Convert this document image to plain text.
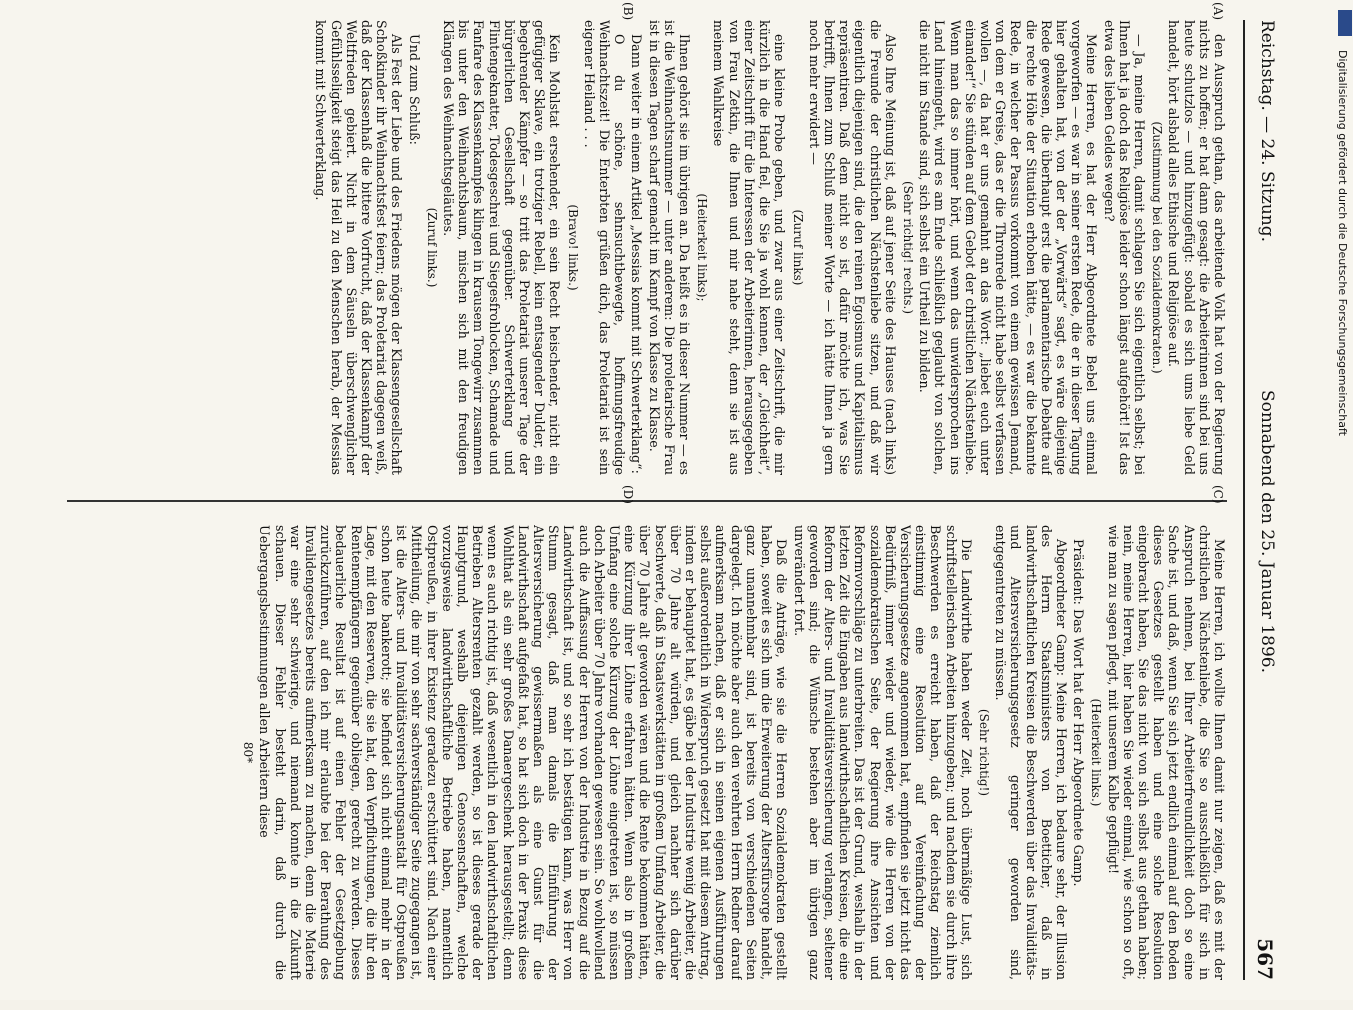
Reichstag. — 24. Sitzung.
Sonnabend den 25. Januar 1896.
567

den Ausspruch gethan, das arbeitende Volk hat von der Regierung nichts zu hoffen; er hat dann gesagt: die Arbeiterinnen sind bei uns heute schutzlos — und hinzugefügt: sobald es sich ums liebe Geld handelt, hört alsbald alles Ethische und Religiöse auf.

(Zustimmung bei den Sozialdemokraten.)

— Ja, meine Herren, damit schlagen Sie sich eigentlich selbst; bei Ihnen hat ja doch das Religiöse leider schon längst aufgehört! Ist das etwa des lieben Geldes wegen?

Meine Herren, es hat der Herr Abgeordnete Bebel uns einmal vorgeworfen — es war in seiner ersten Rede, die er in dieser Tagung hier gehalten hat, von der der „Vorwärts“ sagt, es wäre diejenige Rede gewesen, die überhaupt erst die parlamentarische Debatte auf die rechte Höhe der Situation erhoben hätte, — es war die bekannte Rede, in welcher der Passus vorkommt von einem gewissen Jemand, von dem er Greise, das er die Thronrede nicht habe selbst verfassen wollen —, da hat er uns gemahnt an das Wort: „liebet euch unter einander!“ Sie stünden auf dem Gebot der christlichen Nächstenliebe. Wenn man das so immer hört, und wenn das unwidersprochen ins Land hineingeht, wird es am Ende schließlich geglaubt von solchen, die nicht im Stande sind, sich selbst ein Urtheil zu bilden.

(Sehr richtig! rechts.)

Also Ihre Meinung ist, daß auf jener Seite des Hauses (nach links) die Freunde der christlichen Nächstenliebe sitzen, und daß wir eigentlich diejenigen sind, die den reinen Egoismus und Kapitalismus repräsentiren. Daß dem nicht so ist, dafür möchte ich, was Sie betrifft, Ihnen zum Schluß meiner Worte — ich hätte Ihnen ja gern noch mehr erwidert —

(Zuruf links)

eine kleine Probe geben, und zwar aus einer Zeitschrift, die mir kürzlich in die Hand fiel, die Sie ja wohl kennen, der „Gleichheit“, einer Zeitschrift für die Interessen der Arbeiterinnen, herausgegeben von Frau Zetkin, die Ihnen und mir nahe steht, denn sie ist aus meinem Wahlkreise

(Heiterkeit links);

Ihnen gehört sie im übrigen an. Da heißt es in dieser Nummer — es ist die Weihnachtsnummer — unter anderem: Die proletarische Frau ist in diesen Tagen scharf gemacht im Kampf von Klasse zu Klasse.

Dann weiter in einem Artikel „Messias kommt mit Schwerterklang“:

O du schöne, sehnsuchtbewegte, hoffnungsfreudige Weihnachtszeit! Die Enterbten grüßen dich, das Proletariat ist sein eigener Heiland . . .

(Bravo! links.)

Kein Mohlstat ersehender, ein sein Recht heischender, nicht ein gefügiger Sklave, ein trotziger Rebell, kein entsagender Dulder, ein begehrender Kämpfer — so tritt das Proletariat unserer Tage der bürgerlichen Gesellschaft gegenüber. Schwerterklang und Flintengeknatter, Todesgeschrei und Siegesfrohlocken, Schamade und Fanfare des Klassenkampfes klingen in krausem Tongewirr zusammen bis unter den Weihnachtsbaum, mischen sich mit den freudigen Klängen des Weihnachtsgeläutes.

(Zuruf links.)

Und zum Schluß:

Als Fest der Liebe und des Friedens mögen der Klassengesellschaft Schoßkinder ihr Weihnachtsfest feiern; das Proletariat dagegen weiß, daß der Klassenhaß die bittere Vorfrucht, daß der Klassenkampf der Weltfrieden gebiert. Nicht in dem Säuseln überschwenglicher Gefühlsseligkeit steigt das Heil zu den Menschen herab, der Messias kommt mit Schwerterklang.

Meine Herren, ich wollte Ihnen damit nur zeigen, daß es mit der christlichen Nächstenliebe, die Sie so ausschließlich für sich in Anspruch nehmen, bei Ihrer Arbeiterfreundlichkeit doch so eine Sache ist, und daß, wenn Sie sich jetzt endlich einmal auf den Boden dieses Gesetzes gestellt haben und eine solche Resolution eingebracht haben, Sie das nicht von sich selbst aus gethan haben; nein, meine Herren, hier haben Sie wieder einmal, wie schon so oft, wie man zu sagen pflegt, mit unserem Kalbe gepflügt!

(Heiterkeit links.)

Präsident: Das Wort hat der Herr Abgeordnete Gamp.

Abgeordneter Gamp: Meine Herren, ich bedaure sehr, der Illusion des Herrn Staatsministers von Boetticher, daß in landwirthschaftlichen Kreisen die Beschwerden über das Invaliditäts- und Altersversicherungsgesetz geringer geworden sind, entgegentreten zu müssen.

(Sehr richtig!)

Die Landwirthe haben weder Zeit, noch übermäßige Lust, sich schriftstellerischen Arbeiten hinzugeben; und nachdem sie durch ihre Beschwerden es erreicht haben, daß der Reichstag ziemlich einstimmig eine Resolution auf Vereinfachung der Versicherungsgesetze angenommen hat, empfinden sie jetzt nicht das Bedürfniß, immer wieder und wieder, wie die Herren von der sozialdemokratischen Seite, der Regierung ihre Ansichten und Reformvorschläge zu unterbreiten. Das ist der Grund, weshalb in der letzten Zeit die Eingaben aus landwirthschaftlichen Kreisen, die eine Reform der Alters- und Invaliditätsversicherung verlangen, seltener geworden sind; die Wünsche bestehen aber im übrigen ganz unverändert fort.

Daß die Anträge, wie sie die Herren Sozialdemokraten gestellt haben, soweit es sich um die Erweiterung der Altersfürsorge handelt, ganz unannehmbar sind, ist bereits von verschiedenen Seiten dargelegt. Ich möchte aber auch den verehrten Herrn Redner darauf aufmerksam machen, daß er sich in seinen eigenen Ausführungen selbst außerordentlich in Widerspruch gesetzt hat mit diesem Antrag, indem er behauptet hat, es gäbe bei der Industrie wenig Arbeiter, die über 70 Jahre alt würden, und gleich nachher sich darüber beschwerte, daß in Staatswerkstätten in großem Umfang Arbeiter, die über 70 Jahre alt geworden wären und die Rente bekommen hätten, eine Kürzung ihrer Löhne erfahren hätten. Wenn also in großem Umfang eine solche Kürzung der Löhne eingetreten ist, so müssen doch Arbeiter über 70 Jahre vorhanden gewesen sein. So wohlwollend auch die Auffassung der Herren von der Industrie in Bezug auf die Landwirthschaft ist, und so sehr ich bestätigen kann, was Herr von Stumm gesagt, daß man damals die Einführung der Altersversicherung gewissermaßen als eine Gunst für die Landwirthschaft aufgefaßt hat, so hat sich doch in der Praxis diese Wohlthat als ein sehr großes Danaergeschenk herausgestellt; denn wenn es auch richtig ist, daß wesentlich in den landwirthschaftlichen Betrieben Altersrenten gezahlt werden, so ist dieses gerade der Hauptgrund, weshalb diejenigen Genossenschaften, welche vorzugsweise landwirthschaftliche Betriebe haben, namentlich Ostpreußen, in ihrer Existenz geradezu erschüttert sind. Nach einer Mittheilung, die mir von sehr sachverständiger Seite zugegangen ist, ist die Alters- und Invaliditätsversicherungsanstalt für Ostpreußen schon heute bankerott; sie befindet sich nicht einmal mehr in der Lage, mit den Reserven, die sie hat, den Verpflichtungen, die ihr den Rentenempfängern gegenüber obliegen, gerecht zu werden. Dieses bedauerliche Resultat ist auf einen Fehler der Gesetzgebung zurückzuführen, auf den ich mir erlaubte bei der Berathung des Invalidengesetzes bereits aufmerksam zu machen, denn die Materie war eine sehr schwierige, und niemand konnte in die Zukunft schauen. Dieser Fehler besteht darin, daß durch die Uebergangsbestimmungen allen Arbeitern diese

80*

(A)
(B)
(C)
(D)
Digitalisierung gefördert durch die Deutsche Forschungsgemeinschaft
